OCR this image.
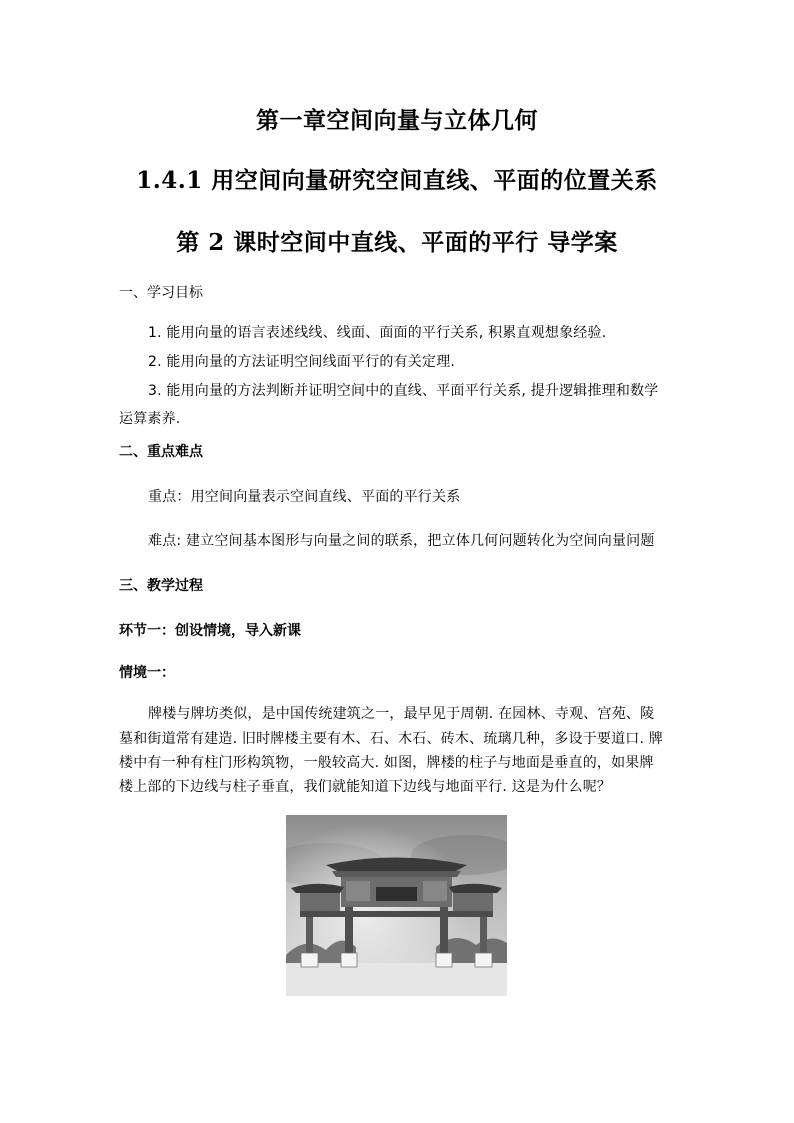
第一章空间向量与立体几何
1.4.1 用空间向量研究空间直线、平面的位置关系
第 2 课时空间中直线、平面的平行 导学案
一、学习目标
1. 能用向量的语言表述线线、线面、面面的平行关系, 积累直观想象经验.
2. 能用向量的方法证明空间线面平行的有关定理.
3. 能用向量的方法判断并证明空间中的直线、平面平行关系, 提升逻辑推理和数学
运算素养.
二、重点难点
重点：用空间向量表示空间直线、平面的平行关系
难点: 建立空间基本图形与向量之间的联系，把立体几何问题转化为空间向量问题
三、教学过程
环节一：创设情境，导入新课
情境一：
牌楼与牌坊类似，是中国传统建筑之一，最早见于周朝. 在园林、寺观、宫苑、陵
墓和街道常有建造. 旧时牌楼主要有木、石、木石、砖木、琉璃几种，多设于要道口. 牌
楼中有一种有柱门形构筑物，一般较高大. 如图，牌楼的柱子与地面是垂直的，如果牌
楼上部的下边线与柱子垂直，我们就能知道下边线与地面平行. 这是为什么呢？
